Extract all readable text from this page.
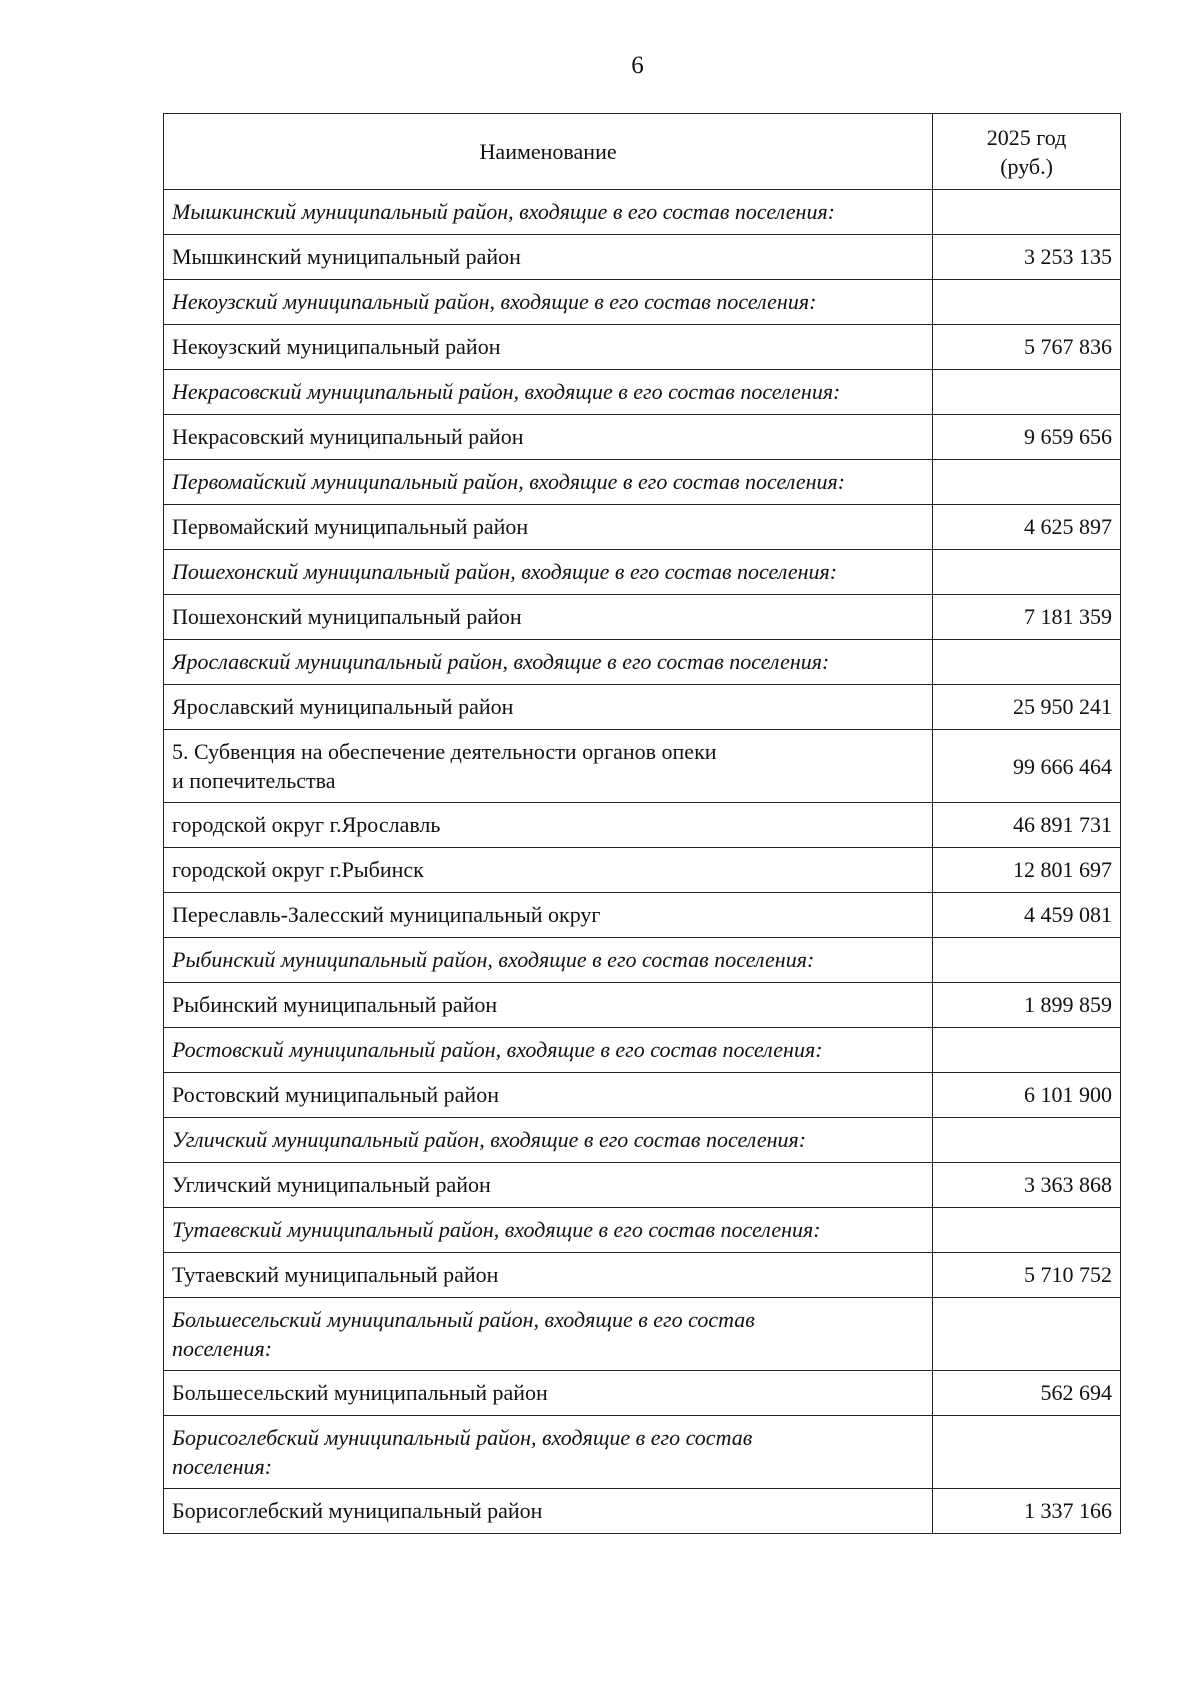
6
Наименование	2025 год
(руб.)
Мышкинский муниципальный район, входящие в его состав поселения:	
Мышкинский муниципальный район	3 253 135
Некоузский муниципальный район, входящие в его состав поселения:	
Некоузский муниципальный район	5 767 836
Некрасовский муниципальный район, входящие в его состав поселения:	
Некрасовский муниципальный район	9 659 656
Первомайский муниципальный район, входящие в его состав поселения:	
Первомайский муниципальный район	4 625 897
Пошехонский муниципальный район, входящие в его состав поселения:	
Пошехонский муниципальный район	7 181 359
Ярославский муниципальный район, входящие в его состав поселения:	
Ярославский муниципальный район	25 950 241
5. Субвенция на обеспечение деятельности органов опеки
и попечительства	99 666 464
городской округ г.Ярославль	46 891 731
городской округ г.Рыбинск	12 801 697
Переславль-Залесский муниципальный округ	4 459 081
Рыбинский муниципальный район, входящие в его состав поселения:	
Рыбинский муниципальный район	1 899 859
Ростовский муниципальный район, входящие в его состав поселения:	
Ростовский муниципальный район	6 101 900
Угличский муниципальный район, входящие в его состав поселения:	
Угличский муниципальный район	3 363 868
Тутаевский муниципальный район, входящие в его состав поселения:	
Тутаевский муниципальный район	5 710 752
Большесельский муниципальный район, входящие в его состав
поселения:	
Большесельский муниципальный район	562 694
Борисоглебский муниципальный район, входящие в его состав
поселения:	
Борисоглебский муниципальный район	1 337 166
